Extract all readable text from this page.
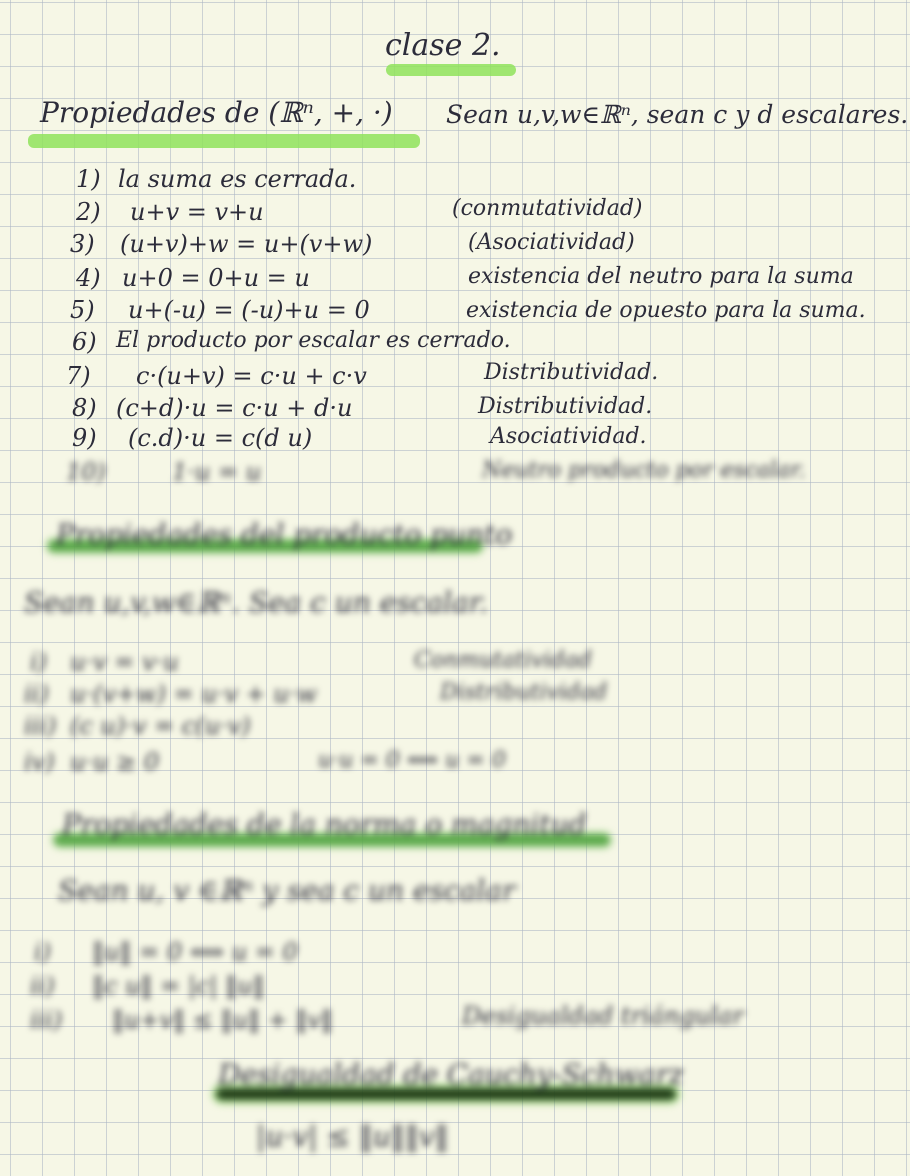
clase 2.
Propiedades de (ℝⁿ, +, ·) Sean u,v,w∈ℝⁿ, sean c y d escalares.
1) la suma es cerrada.
2) u+v = v+u	(conmutatividad)
3) (u+v)+w = u+(v+w)	(Asociatividad)
4) u+0 = 0+u = u	existencia del neutro para la suma
5) u+(-u) = (-u)+u = 0	existencia de opuesto para la suma.
6) El producto por escalar es cerrado.
7) c·(u+v) = c·u + c·v	Distributividad.
8) (c+d)·u = c·u + d·u	Distributividad.
9) (c.d)·u = c(d u)	Asociatividad.
10)	1·u = u	Neutro producto por escalar.
Propiedades del producto punto
Sean u,v,w∈ℝⁿ. Sea c un escalar.
i) u·v = v·u	Conmutatividad
ii) u·(v+w) = u·v + u·w	Distributividad
iii) (c u)·v = c(u·v)
iv) u·u ≥ 0	u·u = 0 ⟺ u = 0
Propiedades de la norma o magnitud
Sean u, v ∈ℝⁿ y sea c un escalar
i) ‖u‖ = 0 ⟺ u = 0
ii) ‖c u‖ = |c| ‖u‖
iii) ‖u+v‖ ≤ ‖u‖ + ‖v‖	Desigualdad triángular
Desigualdad de Cauchy-Schwarz
|u·v| ≤ ‖u‖‖v‖
